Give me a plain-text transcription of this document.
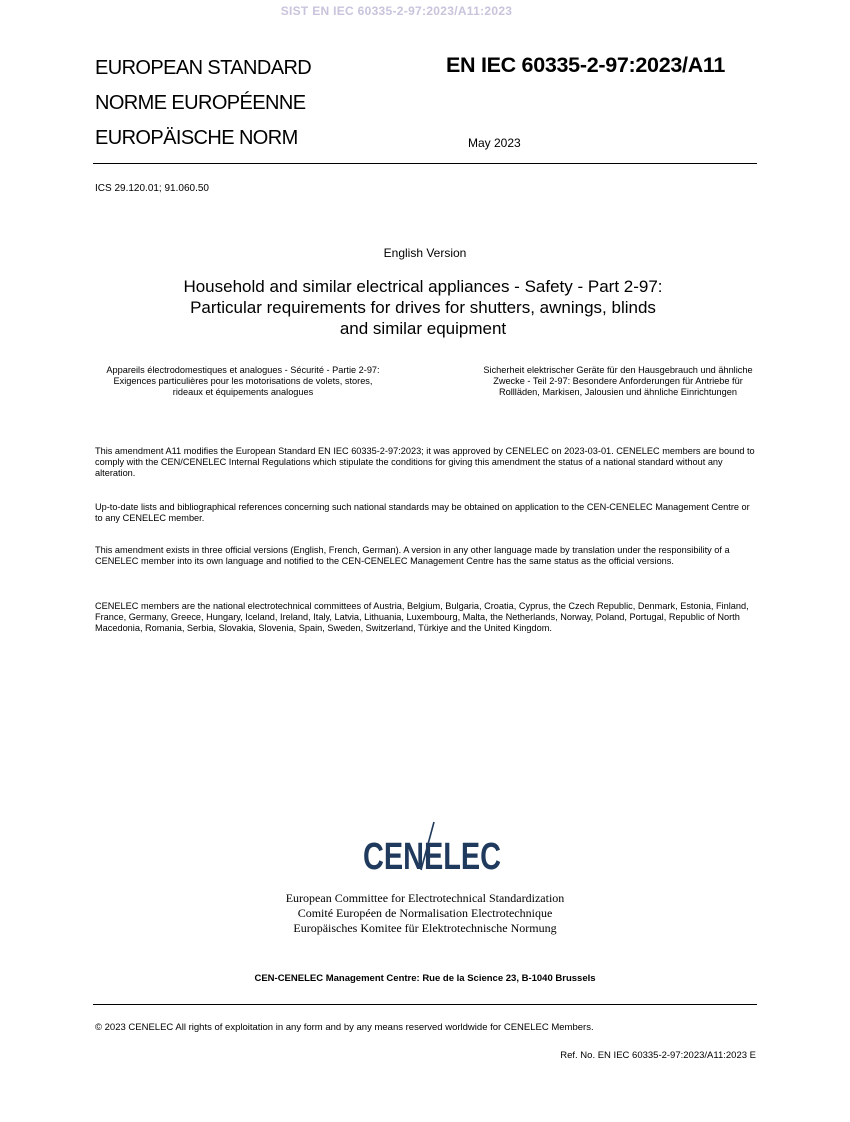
SIST EN IEC 60335-2-97:2023/A11:2023
EUROPEAN STANDARD
NORME EUROPÉENNE
EUROPÄISCHE NORM
EN IEC 60335-2-97:2023/A11
May 2023
ICS 29.120.01; 91.060.50
English Version
Household and similar electrical appliances - Safety - Part 2-97:
Particular requirements for drives for shutters, awnings, blinds
and similar equipment
Appareils électrodomestiques et analogues - Sécurité - Partie 2-97: Exigences particulières pour les motorisations de volets, stores, rideaux et équipements analogues
Sicherheit elektrischer Geräte für den Hausgebrauch und ähnliche Zwecke - Teil 2-97: Besondere Anforderungen für Antriebe für Rollläden, Markisen, Jalousien und ähnliche Einrichtungen
This amendment A11 modifies the European Standard EN IEC 60335-2-97:2023; it was approved by CENELEC on 2023-03-01. CENELEC members are bound to comply with the CEN/CENELEC Internal Regulations which stipulate the conditions for giving this amendment the status of a national standard without any alteration.
Up-to-date lists and bibliographical references concerning such national standards may be obtained on application to the CEN-CENELEC Management Centre or to any CENELEC member.
This amendment exists in three official versions (English, French, German). A version in any other language made by translation under the responsibility of a CENELEC member into its own language and notified to the CEN-CENELEC Management Centre has the same status as the official versions.
CENELEC members are the national electrotechnical committees of Austria, Belgium, Bulgaria, Croatia, Cyprus, the Czech Republic, Denmark, Estonia, Finland, France, Germany, Greece, Hungary, Iceland, Ireland, Italy, Latvia, Lithuania, Luxembourg, Malta, the Netherlands, Norway, Poland, Portugal, Republic of North Macedonia, Romania, Serbia, Slovakia, Slovenia, Spain, Sweden, Switzerland, Türkiye and the United Kingdom.
CENELEC
European Committee for Electrotechnical Standardization
Comité Européen de Normalisation Electrotechnique
Europäisches Komitee für Elektrotechnische Normung
CEN-CENELEC Management Centre: Rue de la Science 23, B-1040 Brussels
© 2023 CENELEC All rights of exploitation in any form and by any means reserved worldwide for CENELEC Members.
Ref. No. EN IEC 60335-2-97:2023/A11:2023 E
